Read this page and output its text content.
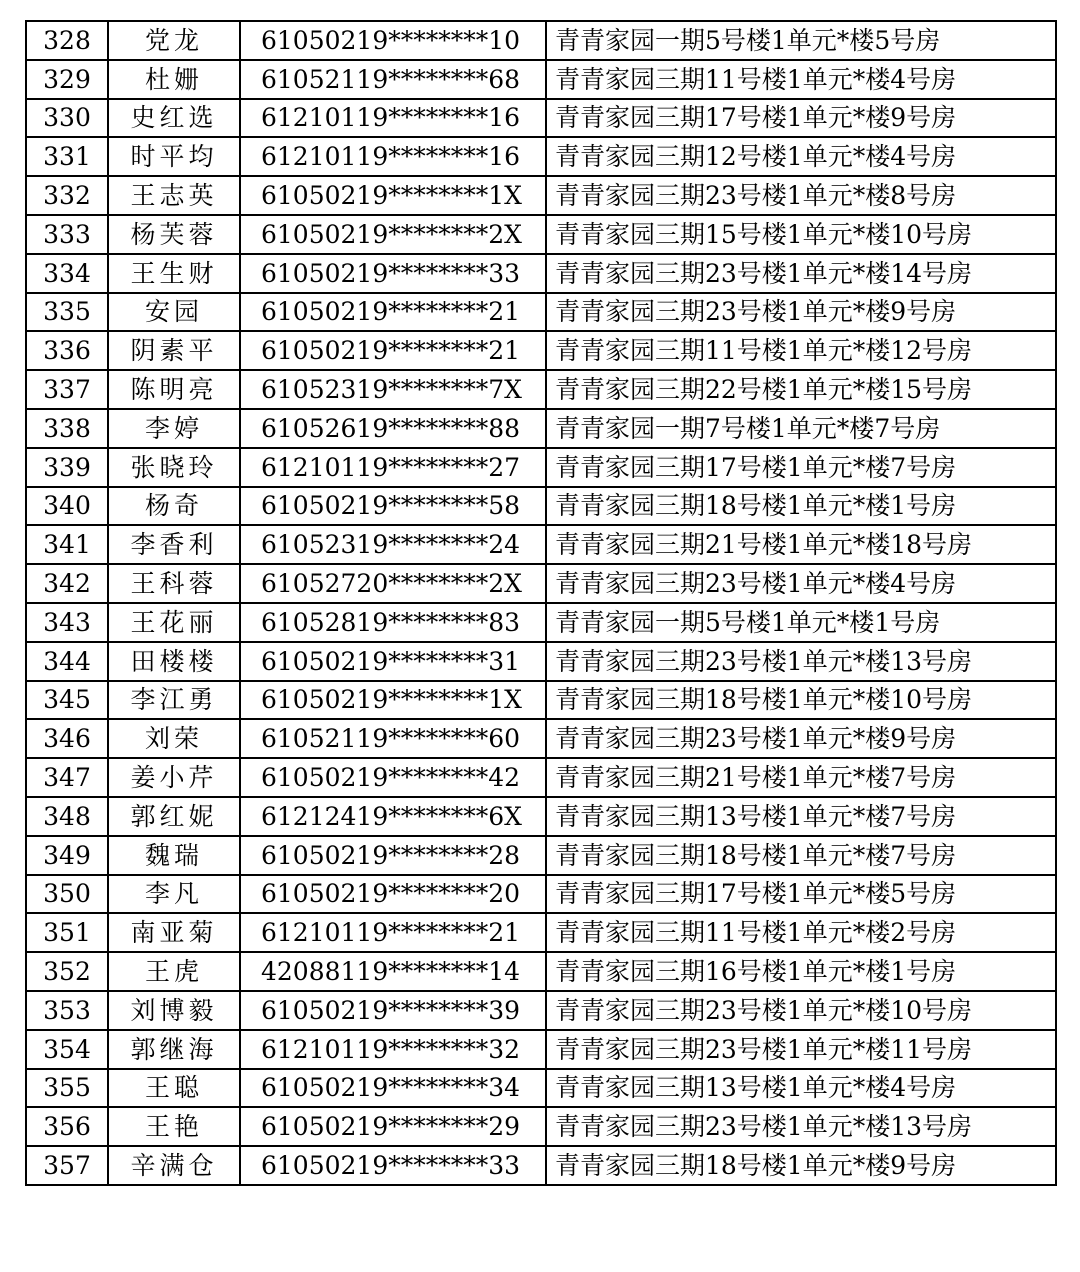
328	党龙	61050219********10	青青家园一期5号楼1单元*楼5号房
329	杜姗	61052119********68	青青家园三期11号楼1单元*楼4号房
330	史红选	61210119********16	青青家园三期17号楼1单元*楼9号房
331	时平均	61210119********16	青青家园三期12号楼1单元*楼4号房
332	王志英	61050219********1X	青青家园三期23号楼1单元*楼8号房
333	杨芙蓉	61050219********2X	青青家园三期15号楼1单元*楼10号房
334	王生财	61050219********33	青青家园三期23号楼1单元*楼14号房
335	安园	61050219********21	青青家园三期23号楼1单元*楼9号房
336	阴素平	61050219********21	青青家园三期11号楼1单元*楼12号房
337	陈明亮	61052319********7X	青青家园三期22号楼1单元*楼15号房
338	李婷	61052619********88	青青家园一期7号楼1单元*楼7号房
339	张晓玲	61210119********27	青青家园三期17号楼1单元*楼7号房
340	杨奇	61050219********58	青青家园三期18号楼1单元*楼1号房
341	李香利	61052319********24	青青家园三期21号楼1单元*楼18号房
342	王科蓉	61052720********2X	青青家园三期23号楼1单元*楼4号房
343	王花丽	61052819********83	青青家园一期5号楼1单元*楼1号房
344	田楼楼	61050219********31	青青家园三期23号楼1单元*楼13号房
345	李江勇	61050219********1X	青青家园三期18号楼1单元*楼10号房
346	刘荣	61052119********60	青青家园三期23号楼1单元*楼9号房
347	姜小芹	61050219********42	青青家园三期21号楼1单元*楼7号房
348	郭红妮	61212419********6X	青青家园三期13号楼1单元*楼7号房
349	魏瑞	61050219********28	青青家园三期18号楼1单元*楼7号房
350	李凡	61050219********20	青青家园三期17号楼1单元*楼5号房
351	南亚菊	61210119********21	青青家园三期11号楼1单元*楼2号房
352	王虎	42088119********14	青青家园三期16号楼1单元*楼1号房
353	刘博毅	61050219********39	青青家园三期23号楼1单元*楼10号房
354	郭继海	61210119********32	青青家园三期23号楼1单元*楼11号房
355	王聪	61050219********34	青青家园三期13号楼1单元*楼4号房
356	王艳	61050219********29	青青家园三期23号楼1单元*楼13号房
357	辛满仓	61050219********33	青青家园三期18号楼1单元*楼9号房
